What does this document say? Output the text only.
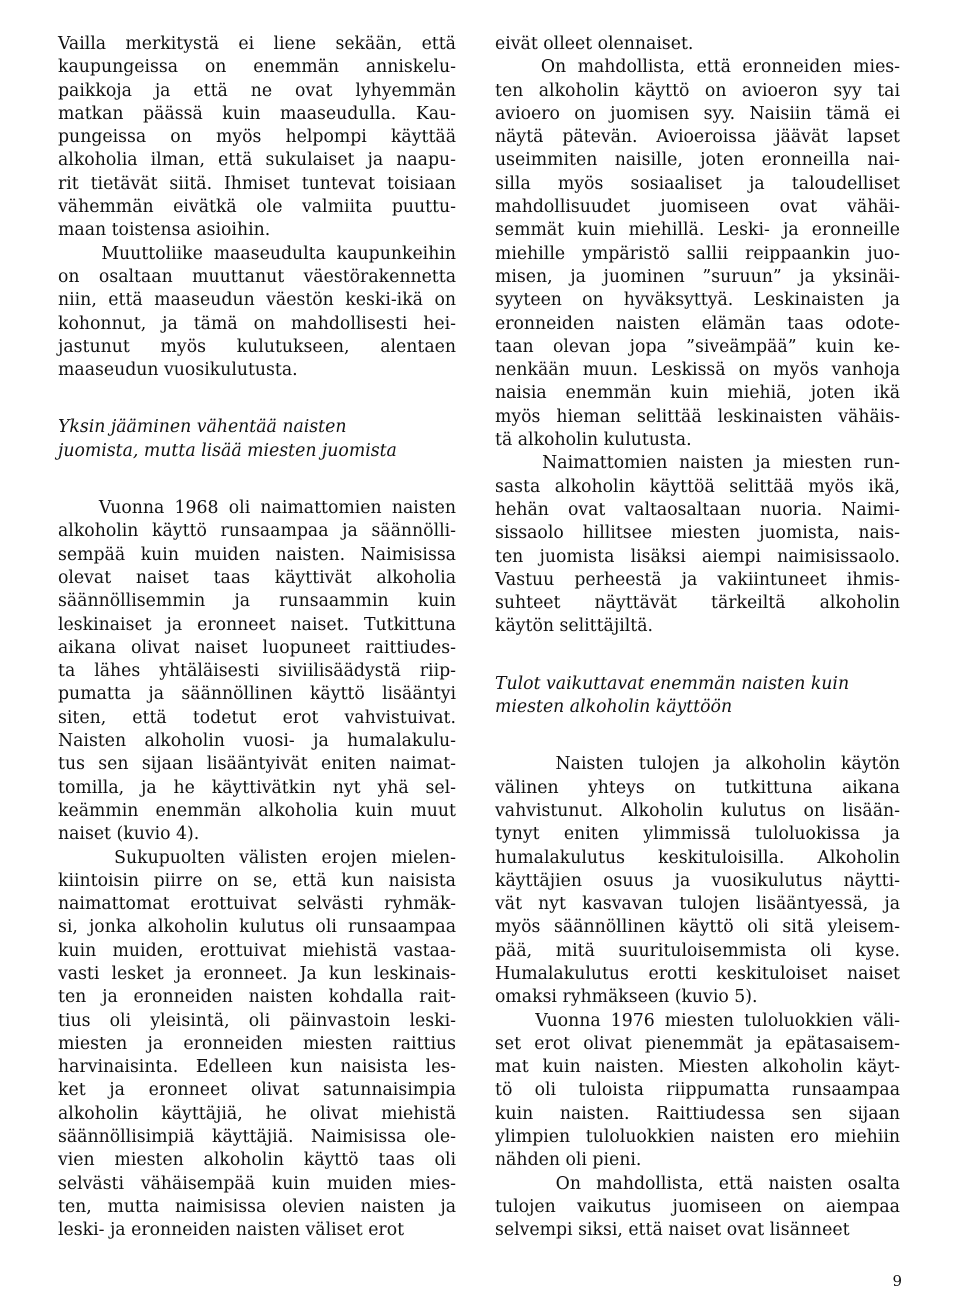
Vailla merkitystä ei liene sekään, että
kaupungeissa on enemmän anniskelu-
paikkoja ja että ne ovat lyhyemmän
matkan päässä kuin maaseudulla. Kau-
pungeissa on myös helpompi käyttää
alkoholia ilman, että sukulaiset ja naapu-
rit tietävät siitä. Ihmiset tuntevat toisiaan
vähemmän eivätkä ole valmiita puuttu-
maan toistensa asioihin.
Muuttoliike maaseudulta kaupunkeihin
on osaltaan muuttanut väestörakennetta
niin, että maaseudun väestön keski-ikä on
kohonnut, ja tämä on mahdollisesti hei-
jastunut myös kulutukseen, alentaen
maaseudun vuosikulutusta.
Yksin jääminen vähentää naisten
juomista, mutta lisää miesten juomista
Vuonna 1968 oli naimattomien naisten
alkoholin käyttö runsaampaa ja säännölli-
sempää kuin muiden naisten. Naimisissa
olevat naiset taas käyttivät alkoholia
säännöllisemmin ja runsaammin kuin
leskinaiset ja eronneet naiset. Tutkittuna
aikana olivat naiset luopuneet raittiudes-
ta lähes yhtäläisesti siviilisäädystä riip-
pumatta ja säännöllinen käyttö lisääntyi
siten, että todetut erot vahvistuivat.
Naisten alkoholin vuosi- ja humalakulu-
tus sen sijaan lisääntyivät eniten naimat-
tomilla, ja he käyttivätkin nyt yhä sel-
keämmin enemmän alkoholia kuin muut
naiset (kuvio 4).
Sukupuolten välisten erojen mielen-
kiintoisin piirre on se, että kun naisista
naimattomat erottuivat selvästi ryhmäk-
si, jonka alkoholin kulutus oli runsaampaa
kuin muiden, erottuivat miehistä vastaa-
vasti lesket ja eronneet. Ja kun leskinais-
ten ja eronneiden naisten kohdalla rait-
tius oli yleisintä, oli päinvastoin leski-
miesten ja eronneiden miesten raittius
harvinaisinta. Edelleen kun naisista les-
ket ja eronneet olivat satunnaisimpia
alkoholin käyttäjiä, he olivat miehistä
säännöllisimpiä käyttäjiä. Naimisissa ole-
vien miesten alkoholin käyttö taas oli
selvästi vähäisempää kuin muiden mies-
ten, mutta naimisissa olevien naisten ja
leski- ja eronneiden naisten väliset erot
eivät olleet olennaiset.
On mahdollista, että eronneiden mies-
ten alkoholin käyttö on avioeron syy tai
avioero on juomisen syy. Naisiin tämä ei
näytä pätevän. Avioeroissa jäävät lapset
useimmiten naisille, joten eronneilla nai-
silla myös sosiaaliset ja taloudelliset
mahdollisuudet juomiseen ovat vähäi-
semmät kuin miehillä. Leski- ja eronneille
miehille ympäristö sallii reippaankin juo-
misen, ja juominen ”suruun” ja yksinäi-
syyteen on hyväksyttyä. Leskinaisten ja
eronneiden naisten elämän taas odote-
taan olevan jopa ”siveämpää” kuin ke-
nenkään muun. Leskissä on myös vanhoja
naisia enemmän kuin miehiä, joten ikä
myös hieman selittää leskinaisten vähäis-
tä alkoholin kulutusta.
Naimattomien naisten ja miesten run-
sasta alkoholin käyttöä selittää myös ikä,
hehän ovat valtaosaltaan nuoria. Naimi-
sissaolo hillitsee miesten juomista, nais-
ten juomista lisäksi aiempi naimisissaolo.
Vastuu perheestä ja vakiintuneet ihmis-
suhteet näyttävät tärkeiltä alkoholin
käytön selittäjiltä.
Tulot vaikuttavat enemmän naisten kuin
miesten alkoholin käyttöön
Naisten tulojen ja alkoholin käytön
välinen yhteys on tutkittuna aikana
vahvistunut. Alkoholin kulutus on lisään-
tynyt eniten ylimmissä tuloluokissa ja
humalakulutus keskituloisilla. Alkoholin
käyttäjien osuus ja vuosikulutus näytti-
vät nyt kasvavan tulojen lisääntyessä, ja
myös säännöllinen käyttö oli sitä yleisem-
pää, mitä suurituloisemmista oli kyse.
Humalakulutus erotti keskituloiset naiset
omaksi ryhmäkseen (kuvio 5).
Vuonna 1976 miesten tuloluokkien väli-
set erot olivat pienemmät ja epätasaisem-
mat kuin naisten. Miesten alkoholin käyt-
tö oli tuloista riippumatta runsaampaa
kuin naisten. Raittiudessa sen sijaan
ylimpien tuloluokkien naisten ero miehiin
nähden oli pieni.
On mahdollista, että naisten osalta
tulojen vaikutus juomiseen on aiempaa
selvempi siksi, että naiset ovat lisänneet
9
